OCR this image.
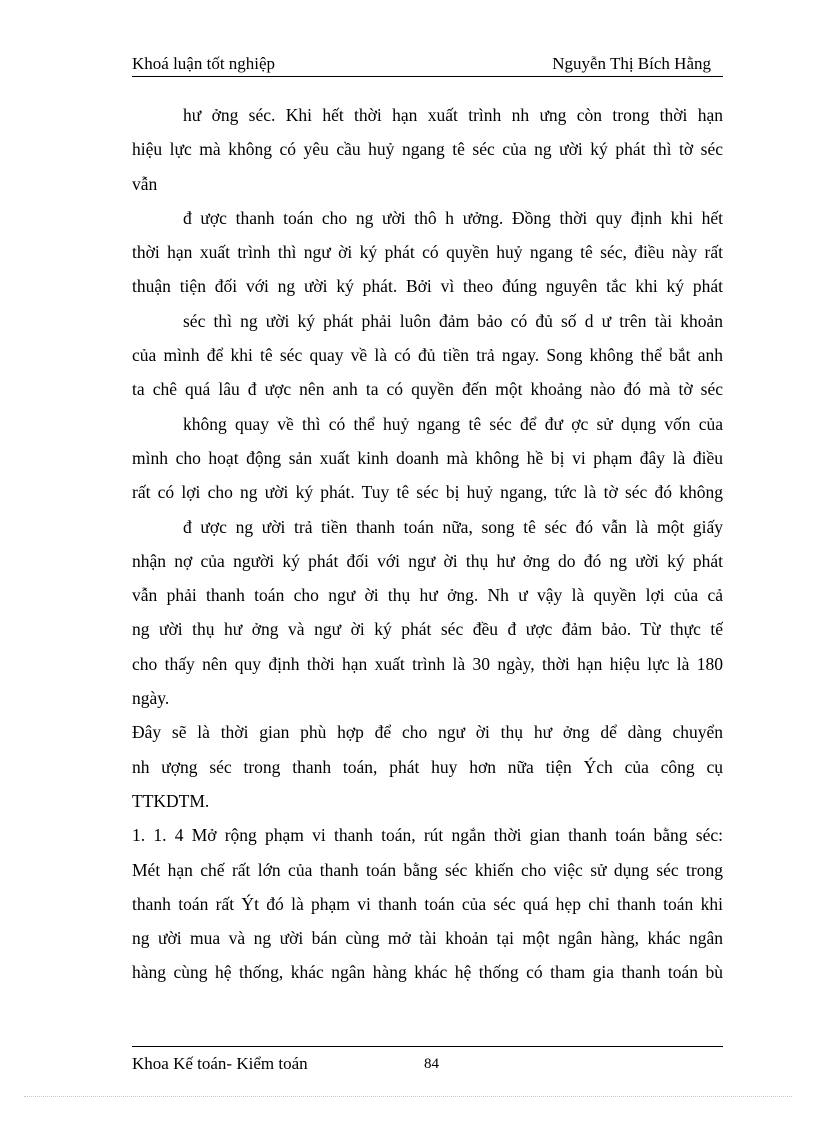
Khoá luận tốt nghiệp	Nguyễn Thị Bích Hằng
hư ởng séc. Khi hết thời hạn xuất trình nh ưng còn trong thời hạn
hiệu lực mà không có yêu cầu huỷ ngang tê séc của ng ười ký phát thì tờ séc
vẫn
đ ược thanh toán cho ng ười thô h ưởng. Đồng thời quy định khi hết
thời hạn xuất trình thì ngư ời ký phát có quyền huỷ ngang tê séc, điều này rất
thuận tiện đối với ng ười ký phát. Bởi vì theo đúng nguyên tắc khi ký phát
séc thì ng ười ký phát phải luôn đảm bảo có đủ số d ư trên tài khoản
của mình để khi tê séc quay về là có đủ tiền trả ngay. Song không thể bắt anh
ta chê quá lâu đ ược nên anh ta có quyền đến một khoảng nào đó mà tờ séc
không quay về thì có thể huỷ ngang tê séc để đư ợc sử dụng vốn của
mình cho hoạt động sản xuất kinh doanh mà không hề bị vi phạm đây là điều
rất có lợi cho ng ười ký phát. Tuy tê séc bị huỷ ngang, tức là tờ séc đó không
đ ược ng ười trả tiền thanh toán nữa, song tê séc đó vẫn là một giấy
nhận nợ của người ký phát đối với ngư ời thụ hư ởng do đó ng ười ký phát
vẫn phải thanh toán cho ngư ời thụ hư ởng. Nh ư vậy là quyền lợi của cả
ng ười thụ hư ởng và ngư ời ký phát séc đều đ ược đảm bảo. Từ thực tế
cho thấy nên quy định thời hạn xuất trình là 30 ngày, thời hạn hiệu lực là 180
ngày.
Đây sẽ là thời gian phù hợp để cho ngư ời thụ hư ởng dể dàng chuyển
nh ượng séc trong thanh toán, phát huy hơn nữa tiện Ých của công cụ
TTKDTM.
1. 1. 4 Mở rộng phạm vi thanh toán, rút ngắn thời gian thanh toán bằng séc:
Mét hạn chế rất lớn của thanh toán bằng séc khiến cho việc sử dụng séc trong
thanh toán rất Ýt đó là phạm vi thanh toán của séc quá hẹp chỉ thanh toán khi
ng ười mua và ng ười bán cùng mở tài khoản tại một ngân hàng, khác ngân
hàng cùng hệ thống, khác ngân hàng khác hệ thống có tham gia thanh toán bù
Khoa Kế toán- Kiểm toán	84
